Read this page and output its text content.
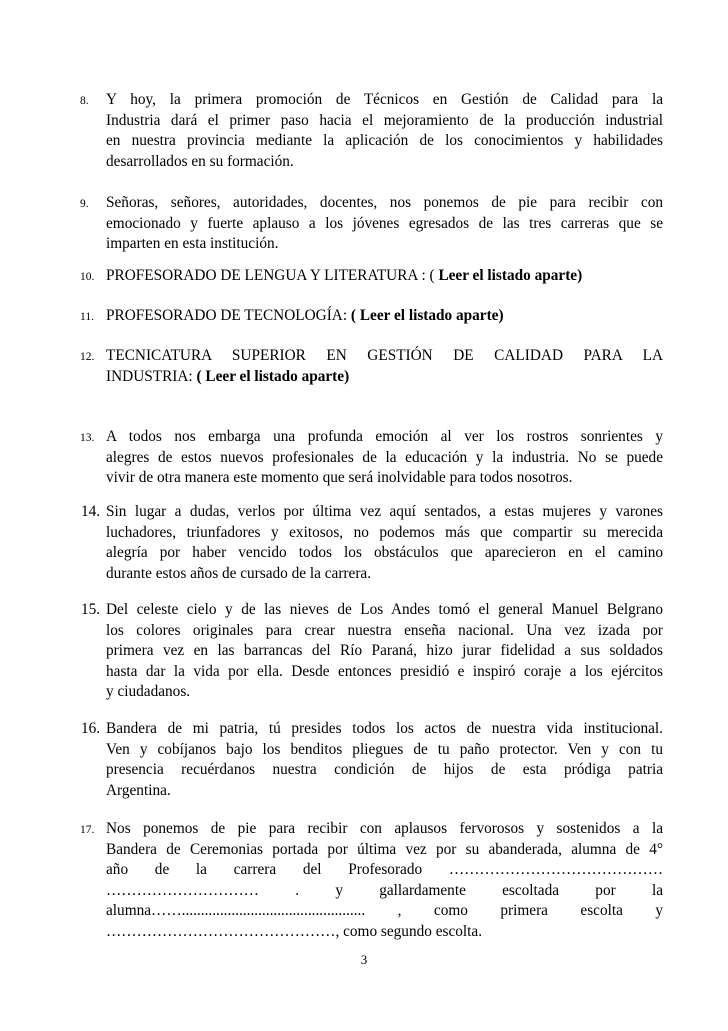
8.	Y hoy, la primera promoción de Técnicos en Gestión de Calidad para la
Industria dará el primer paso hacia el mejoramiento de la producción industrial
en nuestra provincia mediante la aplicación de los conocimientos y habilidades
desarrollados en su formación.
9.	Señoras, señores, autoridades, docentes, nos ponemos de pie para recibir con
emocionado y fuerte aplauso a los jóvenes egresados de las tres carreras que se
imparten en esta institución.
10. PROFESORADO DE LENGUA Y LITERATURA : ( Leer el listado aparte)
11. PROFESORADO DE TECNOLOGÍA: ( Leer el listado aparte)
12. TECNICATURA SUPERIOR EN GESTIÓN DE CALIDAD PARA LA
INDUSTRIA: ( Leer el listado aparte)
13. A todos nos embarga una profunda emoción al ver los rostros sonrientes y
alegres de estos nuevos profesionales de la educación y la industria. No se puede
vivir de otra manera este momento que será inolvidable para todos nosotros.
14. Sin lugar a dudas, verlos por última vez aquí sentados, a estas mujeres y varones
luchadores, triunfadores y exitosos, no podemos más que compartir su merecida
alegría por haber vencido todos los obstáculos que aparecieron en el camino
durante estos años de cursado de la carrera.
15. Del celeste cielo y de las nieves de Los Andes tomó el general Manuel Belgrano
los colores originales para crear nuestra enseña nacional. Una vez izada por
primera vez en las barrancas del Río Paraná, hizo jurar fidelidad a sus soldados
hasta dar la vida por ella. Desde entonces presidió e inspiró coraje a los ejércitos
y ciudadanos.
16. Bandera de mi patria, tú presides todos los actos de nuestra vida institucional.
Ven y cobíjanos bajo los benditos pliegues de tu paño protector. Ven y con tu
presencia recuérdanos nuestra condición de hijos de esta pródiga patria
Argentina.
17. Nos ponemos de pie para recibir con aplausos fervorosos y sostenidos a la
Bandera de Ceremonias portada por última vez por su abanderada, alumna de 4°
año de la carrera del Profesorado ……………………………………
………………………… . y gallardamente escoltada por la
alumna……................................................ , como primera escolta y
………………………………………, como segundo escolta.
3
